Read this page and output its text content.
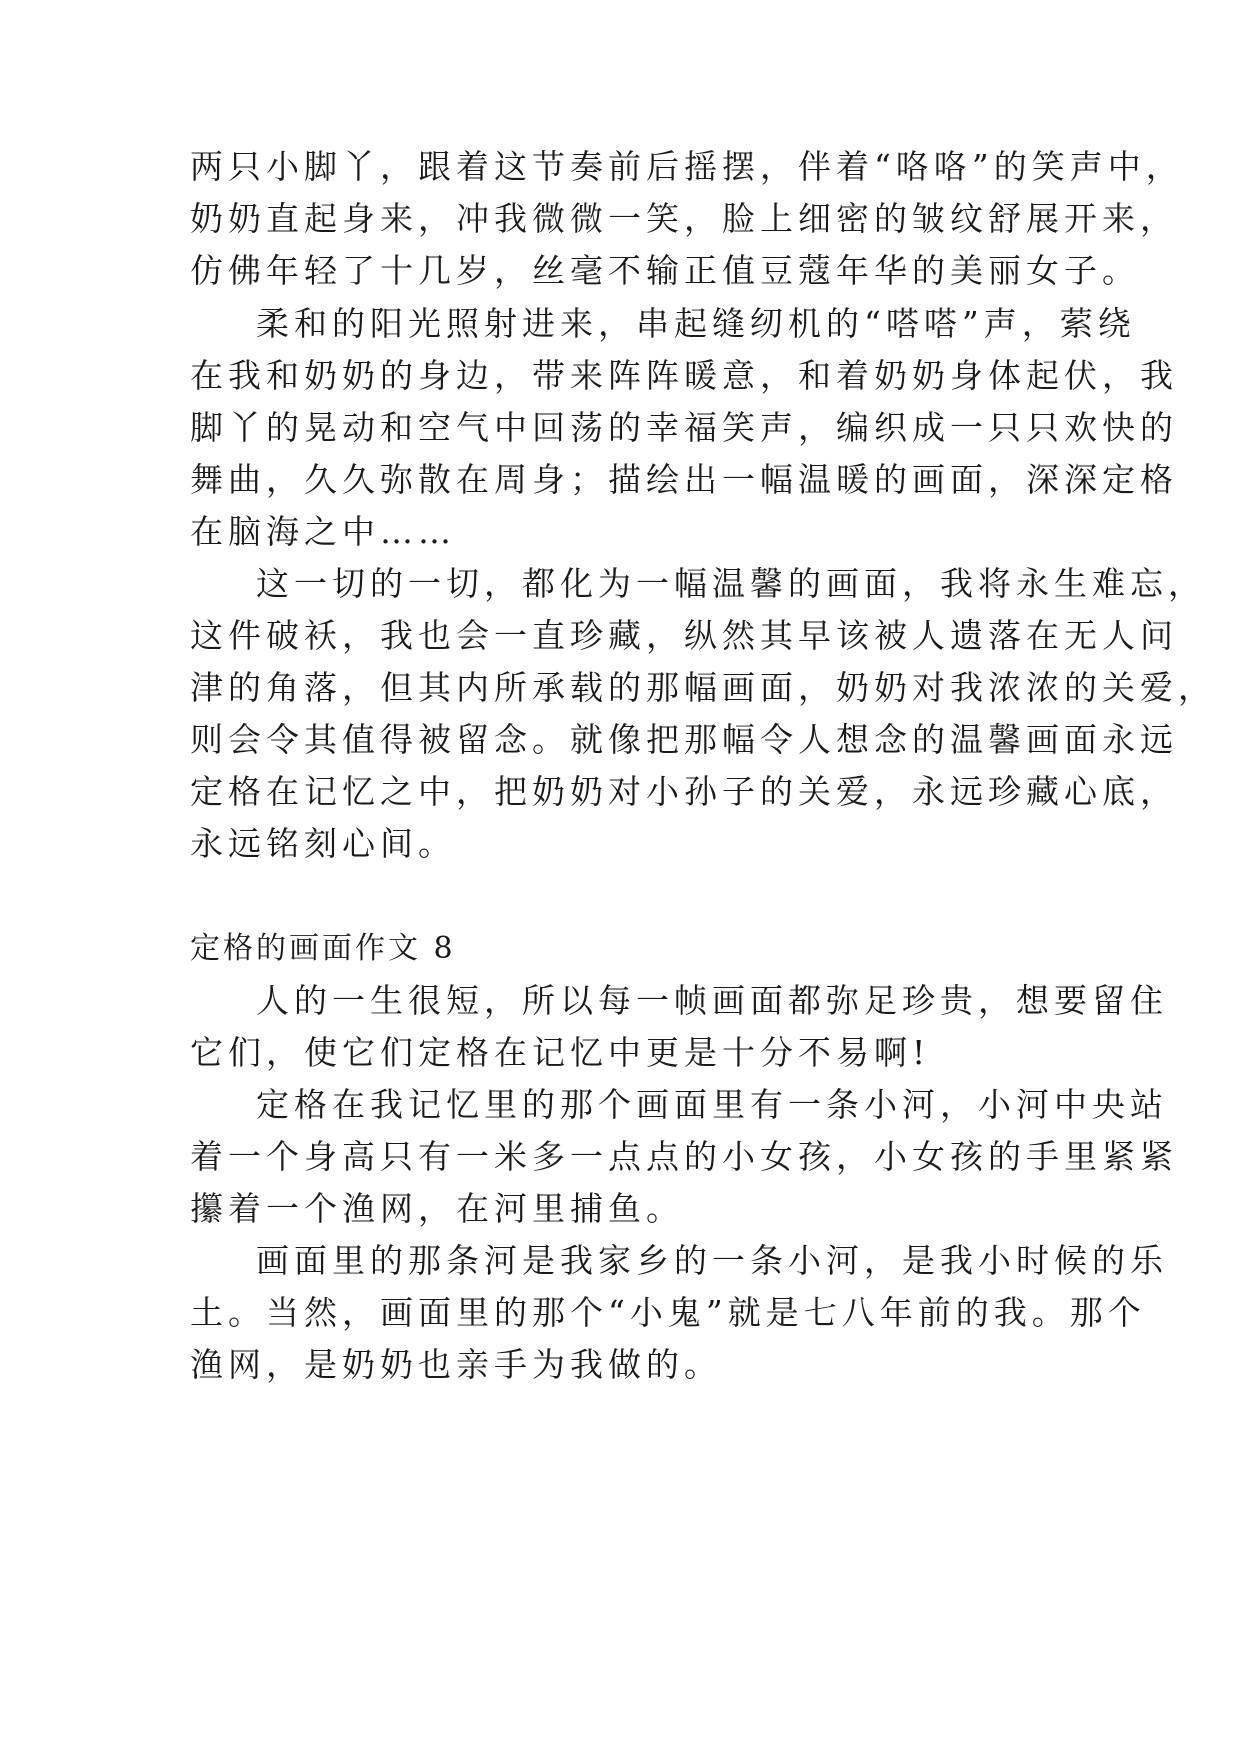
两只小脚丫，跟着这节奏前后摇摆，伴着“咯咯”的笑声中，
奶奶直起身来，冲我微微一笑，脸上细密的皱纹舒展开来，
仿佛年轻了十几岁，丝毫不输正值豆蔻年华的美丽女子。
柔和的阳光照射进来，串起缝纫机的“嗒嗒”声，萦绕
在我和奶奶的身边，带来阵阵暖意，和着奶奶身体起伏，我
脚丫的晃动和空气中回荡的幸福笑声，编织成一只只欢快的
舞曲，久久弥散在周身；描绘出一幅温暖的画面，深深定格
在脑海之中……
这一切的一切，都化为一幅温馨的画面，我将永生难忘，
这件破袄，我也会一直珍藏，纵然其早该被人遗落在无人问
津的角落，但其内所承载的那幅画面，奶奶对我浓浓的关爱，
则会令其值得被留念。就像把那幅令人想念的温馨画面永远
定格在记忆之中，把奶奶对小孙子的关爱，永远珍藏心底，
永远铭刻心间。
定格的画面作文 8
人的一生很短，所以每一帧画面都弥足珍贵，想要留住
它们，使它们定格在记忆中更是十分不易啊!
定格在我记忆里的那个画面里有一条小河，小河中央站
着一个身高只有一米多一点点的小女孩，小女孩的手里紧紧
攥着一个渔网，在河里捕鱼。
画面里的那条河是我家乡的一条小河，是我小时候的乐
土。当然，画面里的那个“小鬼”就是七八年前的我。那个
渔网，是奶奶也亲手为我做的。
